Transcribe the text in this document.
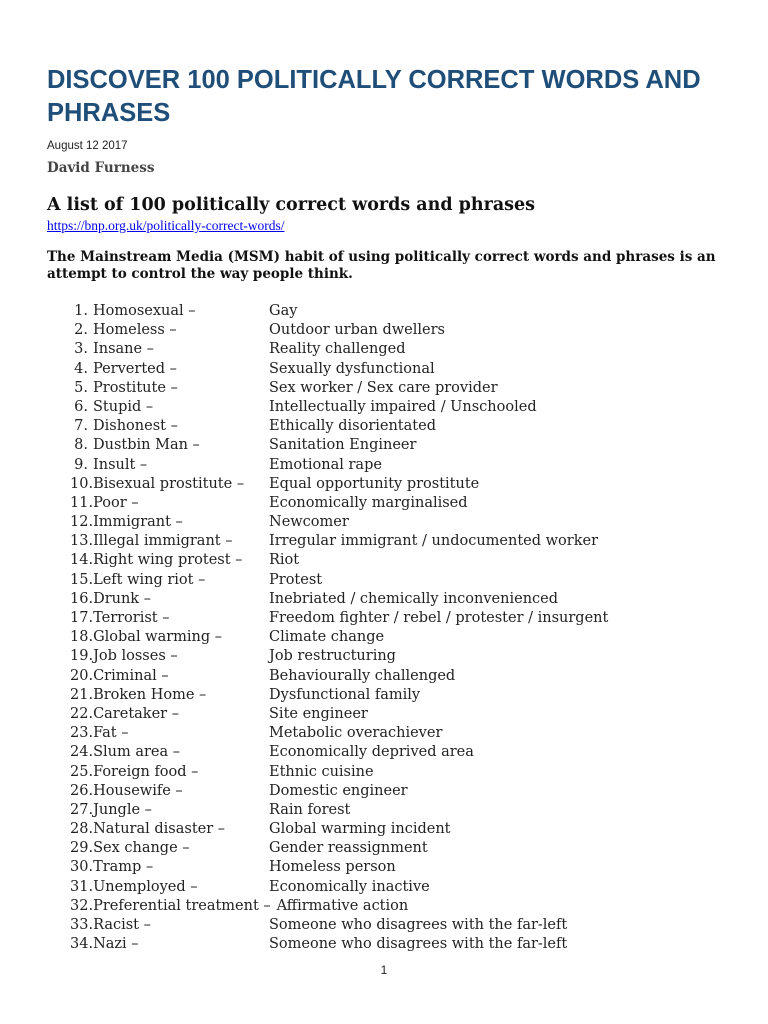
DISCOVER 100 POLITICALLY CORRECT WORDS AND PHRASES
August 12 2017
David Furness
A list of 100 politically correct words and phrases
https://bnp.org.uk/politically-correct-words/
The Mainstream Media (MSM) habit of using politically correct words and phrases is an attempt to control the way people think.
1. Homosexual –	Gay
2. Homeless –	Outdoor urban dwellers
3. Insane –	Reality challenged
4. Perverted –	Sexually dysfunctional
5. Prostitute –	Sex worker / Sex care provider
6. Stupid –	Intellectually impaired / Unschooled
7. Dishonest –	Ethically disorientated
8. Dustbin Man –	Sanitation Engineer
9. Insult –	Emotional rape
10. Bisexual prostitute – Equal opportunity prostitute
11. Poor –	Economically marginalised
12. Immigrant –	Newcomer
13. Illegal immigrant –	Irregular immigrant / undocumented worker
14. Right wing protest – Riot
15. Left wing riot –	Protest
16. Drunk –	Inebriated / chemically inconvenienced
17. Terrorist –	Freedom fighter / rebel / protester / insurgent
18. Global warming –	Climate change
19. Job losses –	Job restructuring
20. Criminal –	Behaviourally challenged
21. Broken Home –	Dysfunctional family
22. Caretaker –	Site engineer
23. Fat –	Metabolic overachiever
24. Slum area –	Economically deprived area
25. Foreign food –	Ethnic cuisine
26. Housewife –	Domestic engineer
27. Jungle –	Rain forest
28. Natural disaster –	Global warming incident
29. Sex change –	Gender reassignment
30. Tramp –	Homeless person
31. Unemployed –	Economically inactive
32. Preferential treatment – Affirmative action
33. Racist –	Someone who disagrees with the far-left
34. Nazi –	Someone who disagrees with the far-left
1
